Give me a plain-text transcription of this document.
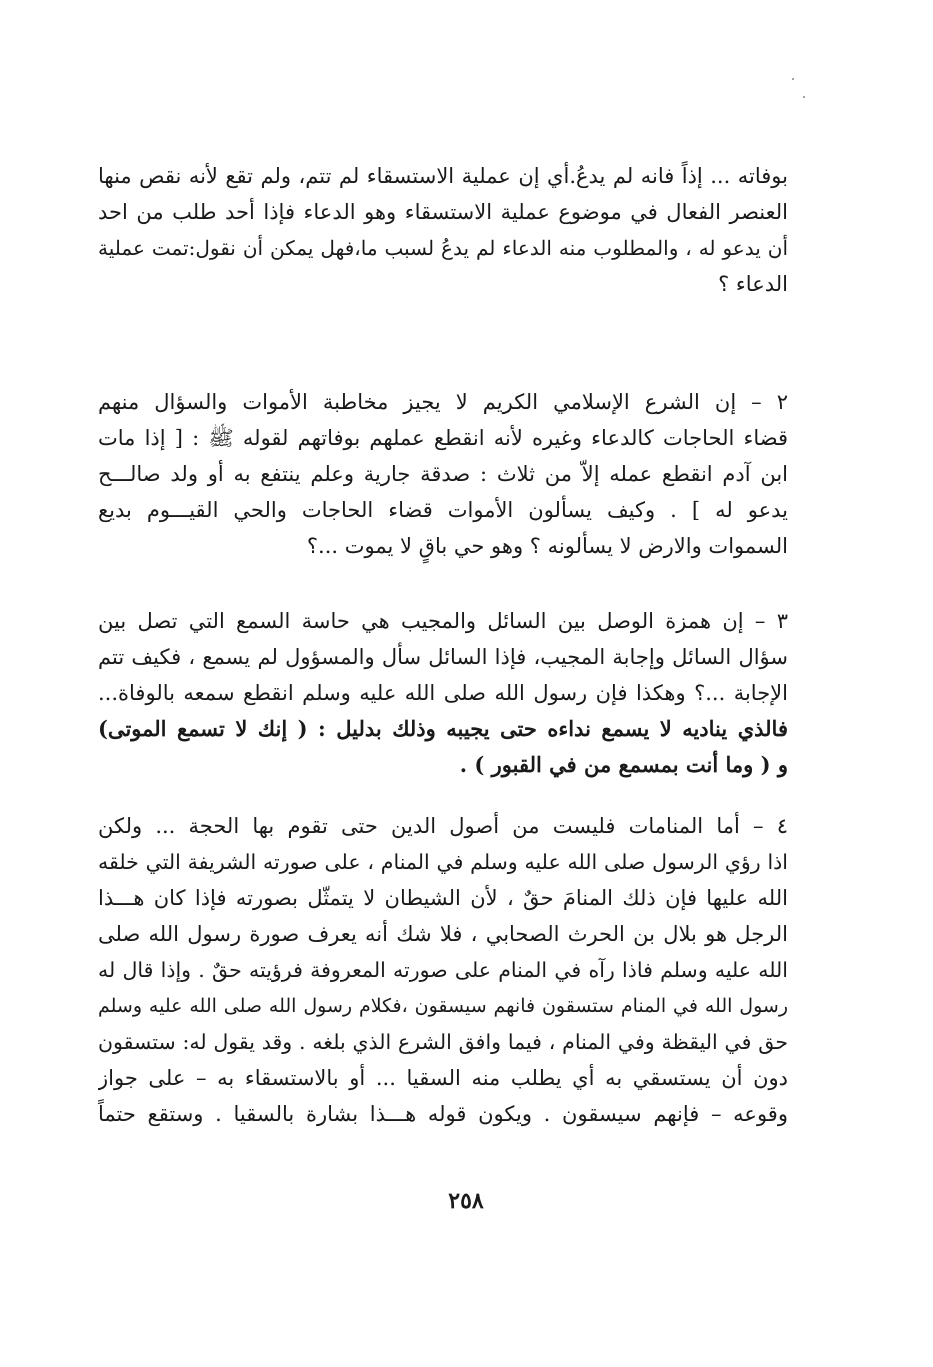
بوفاته ... إذاً فانه لم يدعُ.أي إن عملية الاستسقاء لم تتم، ولم تقع لأنه نقص منها
العنصر الفعال في موضوع عملية الاستسقاء وهو الدعاء فإذا أحد طلب من احد
أن يدعو له ، والمطلوب منه الدعاء لم يدعُ لسبب ما،فهل يمكن أن نقول:تمت عملية
الدعاء ؟
٢ – إن الشرع الإسلامي الكريم لا يجيز مخاطبة الأموات والسؤال منهم
قضاء الحاجات كالدعاء وغيره لأنه انقطع عملهم بوفاتهم لقوله ﷺ : [ إذا مات
ابن آدم انقطع عمله إلاّ من ثلاث : صدقة جارية وعلم ينتفع به أو ولد صالـــح
يدعو له ] . وكيف يسألون الأموات قضاء الحاجات والحي القيـــوم بديع
السموات والارض لا يسألونه ؟ وهو حي باقٍ لا يموت ...؟
٣ – إن همزة الوصل بين السائل والمجيب هي حاسة السمع التي تصل بين
سؤال السائل وإجابة المجيب، فإذا السائل سأل والمسؤول لم يسمع ، فكيف تتم
الإجابة ...؟ وهكذا فإن رسول الله صلى الله عليه وسلم انقطع سمعه بالوفاة...
فالذي يناديه لا يسمع نداءه حتى يجيبه وذلك بدليل : ( إنك لا تسمع الموتى)
و ( وما أنت بمسمع من في القبور ) .
٤ – أما المنامات فليست من أصول الدين حتى تقوم بها الحجة ... ولكن
اذا رؤي الرسول صلى الله عليه وسلم في المنام ، على صورته الشريفة التي خلقه
الله عليها فإن ذلك المنامَ حقٌ ، لأن الشيطان لا يتمثّل بصورته فإذا كان هـــذا
الرجل هو بلال بن الحرث الصحابي ، فلا شك أنه يعرف صورة رسول الله صلى
الله عليه وسلم فاذا رآه في المنام على صورته المعروفة فرؤيته حقٌ . وإذا قال له
رسول الله في المنام ستسقون فانهم سيسقون ،فكلام رسول الله صلى الله عليه وسلم
حق في اليقظة وفي المنام ، فيما وافق الشرع الذي بلغه . وقد يقول له: ستسقون
دون أن يستسقي به أي يطلب منه السقيا ... أو بالاستسقاء به – على جواز
وقوعه – فإنهم سيسقون . ويكون قوله هـــذا بشارة بالسقيا . وستقع حتماً
٢٥٨
